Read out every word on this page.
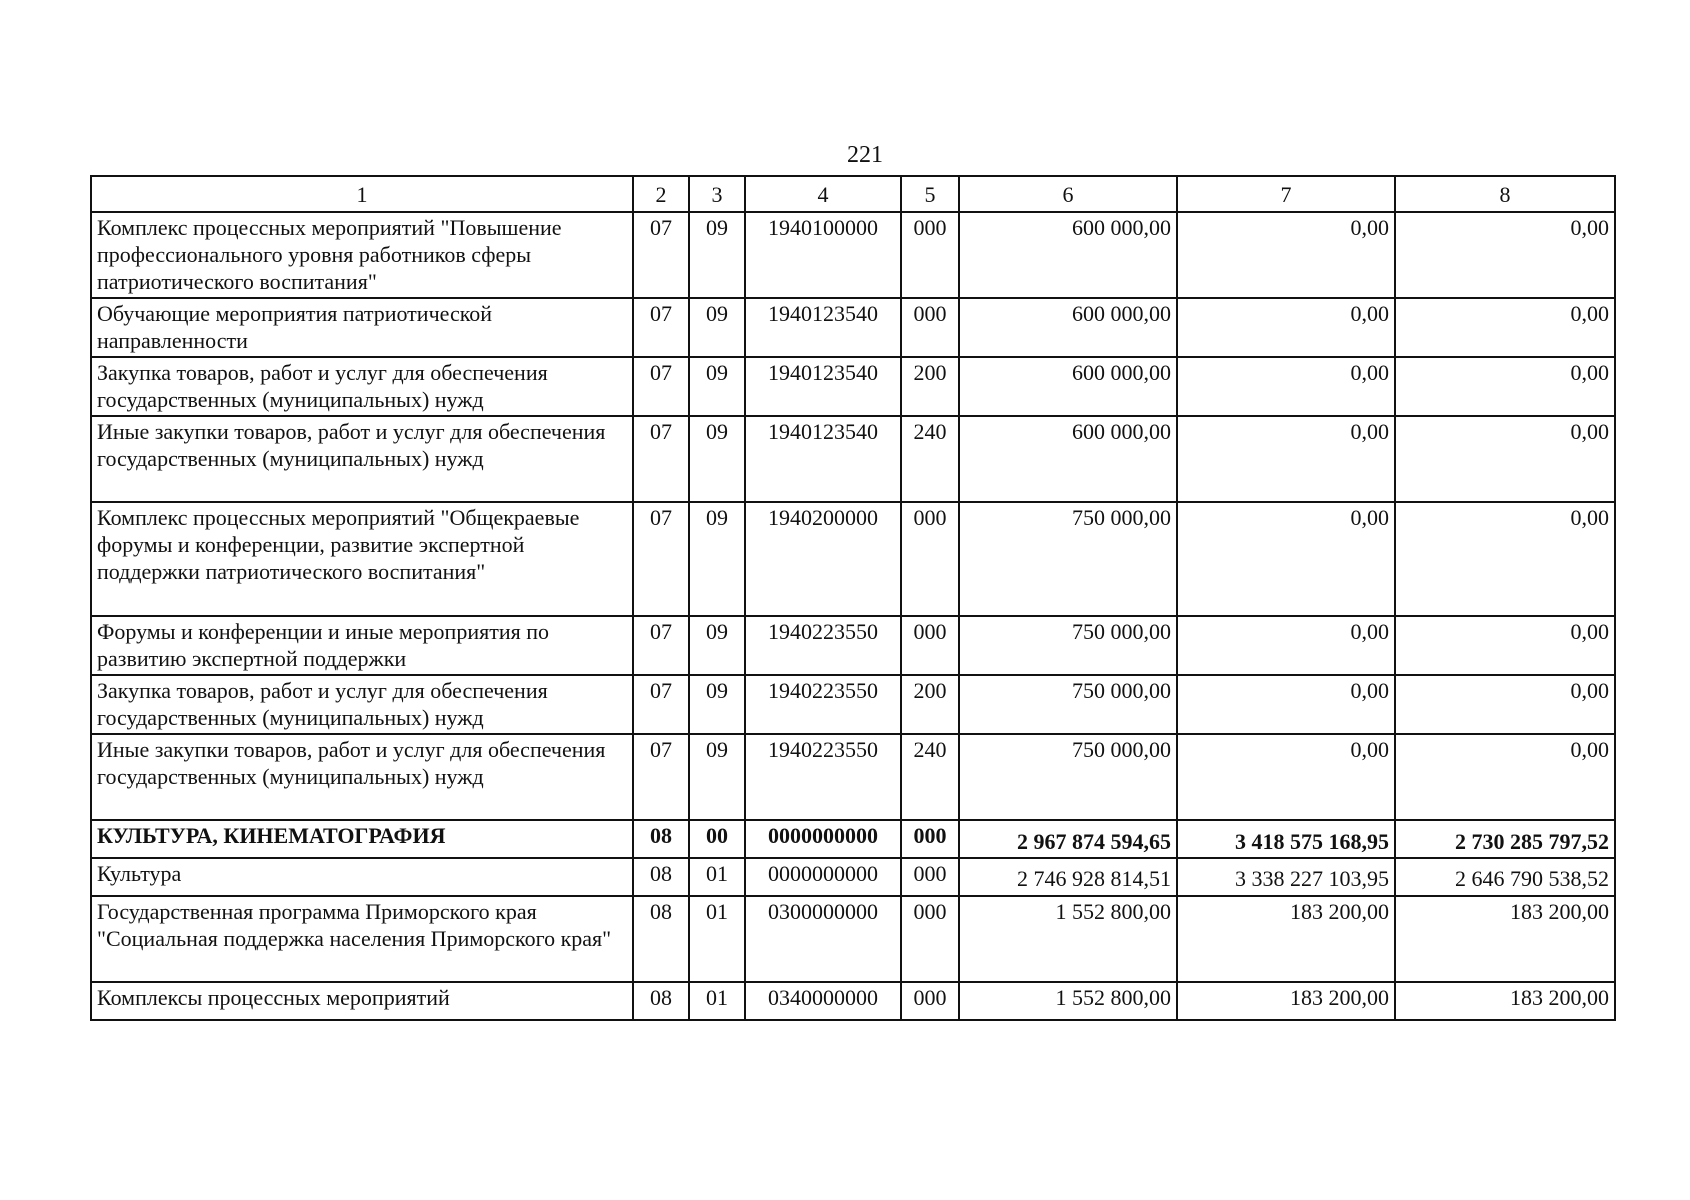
221
1	2	3	4	5	6	7	8
Комплекс процессных мероприятий "Повышение профессионального уровня работников сферы патриотического воспитания"	07	09	1940100000	000	600 000,00	0,00	0,00
Обучающие мероприятия патриотической направленности	07	09	1940123540	000	600 000,00	0,00	0,00
Закупка товаров, работ и услуг для обеспечения государственных (муниципальных) нужд	07	09	1940123540	200	600 000,00	0,00	0,00
Иные закупки товаров, работ и услуг для обеспечения государственных (муниципальных) нужд	07	09	1940123540	240	600 000,00	0,00	0,00
Комплекс процессных мероприятий "Общекраевые форумы и конференции, развитие экспертной поддержки патриотического воспитания"	07	09	1940200000	000	750 000,00	0,00	0,00
Форумы и конференции и иные мероприятия по развитию экспертной поддержки	07	09	1940223550	000	750 000,00	0,00	0,00
Закупка товаров, работ и услуг для обеспечения государственных (муниципальных) нужд	07	09	1940223550	200	750 000,00	0,00	0,00
Иные закупки товаров, работ и услуг для обеспечения государственных (муниципальных) нужд	07	09	1940223550	240	750 000,00	0,00	0,00
КУЛЬТУРА, КИНЕМАТОГРАФИЯ	08	00	0000000000	000	2 967 874 594,65	3 418 575 168,95	2 730 285 797,52
Культура	08	01	0000000000	000	2 746 928 814,51	3 338 227 103,95	2 646 790 538,52
Государственная программа Приморского края "Социальная поддержка населения Приморского края"	08	01	0300000000	000	1 552 800,00	183 200,00	183 200,00
Комплексы процессных мероприятий	08	01	0340000000	000	1 552 800,00	183 200,00	183 200,00
